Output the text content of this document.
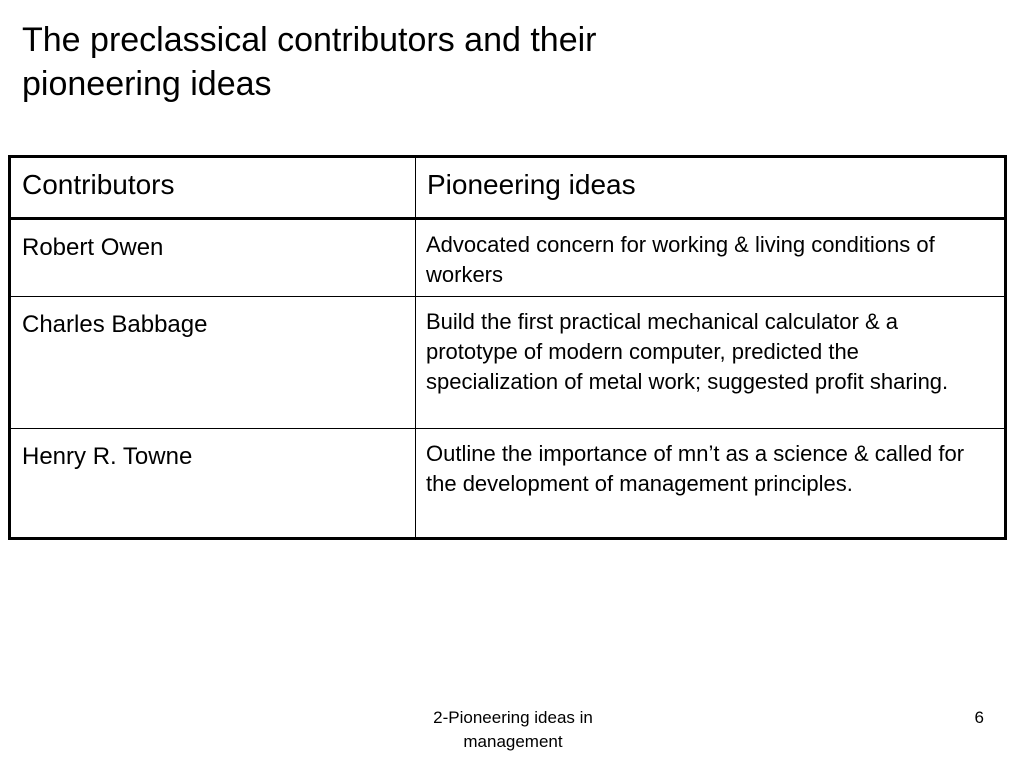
The preclassical contributors and their pioneering ideas
Contributors	Pioneering ideas
Robert Owen	Advocated concern for working & living conditions of workers
Charles Babbage	Build the first practical mechanical calculator & a prototype of modern computer, predicted the specialization of metal work; suggested profit sharing.
Henry R. Towne	Outline the importance of mn’t as a science & called for the development of management principles.
2-Pioneering ideas in management
6
